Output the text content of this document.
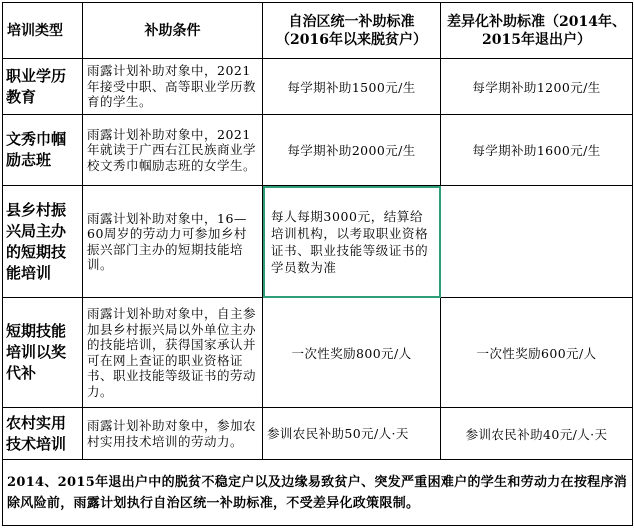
培训类型	补助条件	自治区统一补助标准（2016年以来脱贫户）	差异化补助标准（2014年、2015年退出户）
职业学历教育	雨露计划补助对象中，2021年接受中职、高等职业学历教育的学生。	每学期补助1500元/生	每学期补助1200元/生
文秀巾帼励志班	雨露计划补助对象中，2021年就读于广西右江民族商业学校文秀巾帼励志班的女学生。	每学期补助2000元/生	每学期补助1600元/生
县乡村振兴局主办的短期技能培训	雨露计划补助对象中，16—60周岁的劳动力可参加乡村振兴部门主办的短期技能培训。	每人每期3000元，结算给培训机构，以考取职业资格证书、职业技能等级证书的学员数为准	
短期技能培训以奖代补	雨露计划补助对象中，自主参加县乡村振兴局以外单位主办的技能培训，获得国家承认并可在网上查证的职业资格证书、职业技能等级证书的劳动力。	一次性奖励800元/人	一次性奖励600元/人
农村实用技术培训	雨露计划补助对象中，参加农村实用技术培训的劳动力。	参训农民补助50元/人·天	参训农民补助40元/人·天
2014、2015年退出户中的脱贫不稳定户以及边缘易致贫户、突发严重困难户的学生和劳动力在按程序消除风险前，雨露计划执行自治区统一补助标准，不受差异化政策限制。			
